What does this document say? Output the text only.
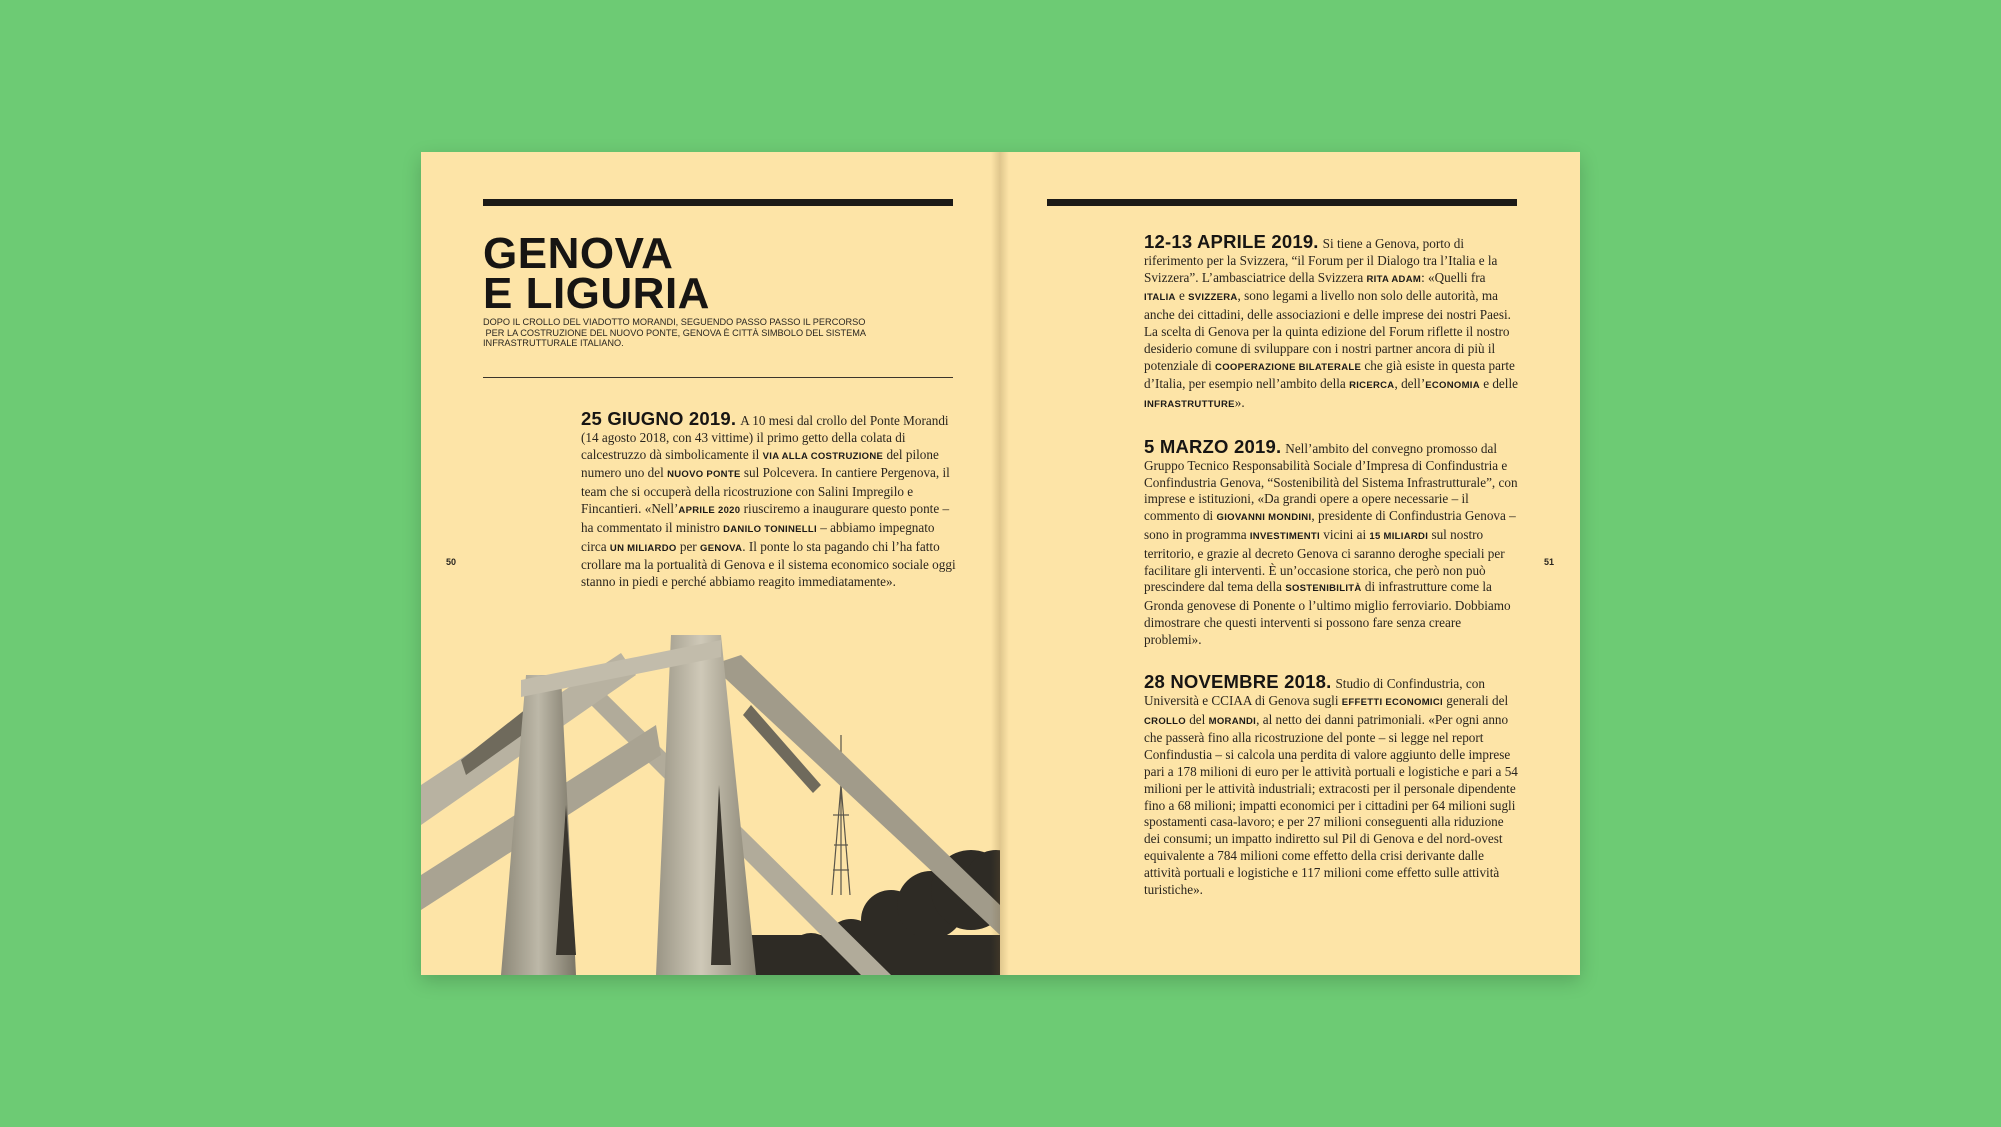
GENOVA
E LIGURIA
DOPO IL CROLLO DEL VIADOTTO MORANDI, SEGUENDO PASSO PASSO IL PERCORSO
PER LA COSTRUZIONE DEL NUOVO PONTE, GENOVA È CITTÀ SIMBOLO DEL SISTEMA
INFRASTRUTTURALE ITALIANO.

25 GIUGNO 2019. A 10 mesi dal crollo del Ponte Morandi (14 agosto 2018, con 43 vittime) il primo getto della colata di calcestruzzo dà simbolicamente il VIA ALLA COSTRUZIONE del pilone numero uno del NUOVO PONTE sul Polcevera. In cantiere Pergenova, il team che si occuperà della ricostruzione con Salini Impregilo e Fincantieri. «Nell’APRILE 2020 riusciremo a inaugurare questo ponte – ha commentato il ministro DANILO TONINELLI – abbiamo impegnato circa UN MILIARDO per GENOVA. Il ponte lo sta pagando chi l’ha fatto crollare ma la portualità di Genova e il sistema economico sociale oggi stanno in piedi e perché abbiamo reagito immediatamente».

50

12-13 APRILE 2019. Si tiene a Genova, porto di riferimento per la Svizzera, “il Forum per il Dialogo tra l’Italia e la Svizzera”. L’ambasciatrice della Svizzera RITA ADAM: «Quelli fra ITALIA e SVIZZERA, sono legami a livello non solo delle autorità, ma anche dei cittadini, delle associazioni e delle imprese dei nostri Paesi. La scelta di Genova per la quinta edizione del Forum riflette il nostro desiderio comune di sviluppare con i nostri partner ancora di più il potenziale di COOPERAZIONE BILATERALE che già esiste in questa parte d’Italia, per esempio nell’ambito della RICERCA, dell’ECONOMIA e delle INFRASTRUTTURE».

5 MARZO 2019. Nell’ambito del convegno promosso dal Gruppo Tecnico Responsabilità Sociale d’Impresa di Confindustria e Confindustria Genova, “Sostenibilità del Sistema Infrastrutturale”, con imprese e istituzioni, «Da grandi opere a opere necessarie – il commento di GIOVANNI MONDINI, presidente di Confindustria Genova – sono in programma INVESTIMENTI vicini ai 15 MILIARDI sul nostro territorio, e grazie al decreto Genova ci saranno deroghe speciali per facilitare gli interventi. È un’occasione storica, che però non può prescindere dal tema della SOSTENIBILITÀ di infrastrutture come la Gronda genovese di Ponente o l’ultimo miglio ferroviario. Dobbiamo dimostrare che questi interventi si possono fare senza creare problemi».

28 NOVEMBRE 2018. Studio di Confindustria, con Università e CCIAA di Genova sugli EFFETTI ECONOMICI generali del CROLLO del MORANDI, al netto dei danni patrimoniali. «Per ogni anno che passerà fino alla ricostruzione del ponte – si legge nel report Confindustia – si calcola una perdita di valore aggiunto delle imprese pari a 178 milioni di euro per le attività portuali e logistiche e pari a 54 milioni per le attività industriali; extracosti per il personale dipendente fino a 68 milioni; impatti economici per i cittadini per 64 milioni sugli spostamenti casa-lavoro; e per 27 milioni conseguenti alla riduzione dei consumi; un impatto indiretto sul Pil di Genova e del nord-ovest equivalente a 784 milioni come effetto della crisi derivante dalle attività portuali e logistiche e 117 milioni come effetto sulle attività turistiche».

51
